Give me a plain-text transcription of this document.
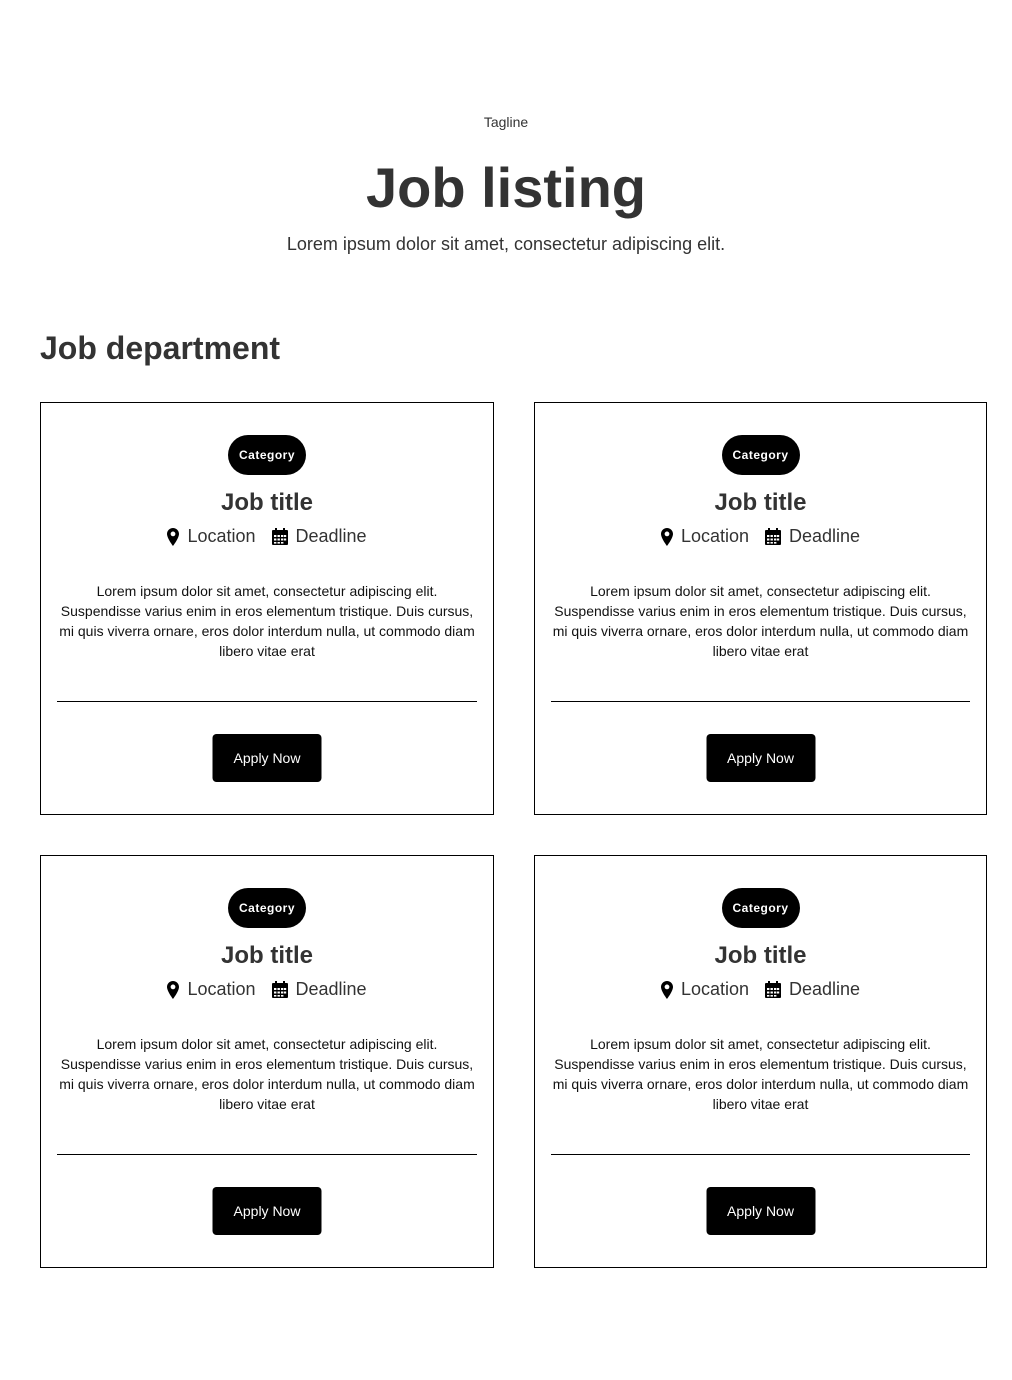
Tagline
Job listing

Lorem ipsum dolor sit amet, consectetur adipiscing elit.

Job department
Category
Job title
Location Deadline

Lorem ipsum dolor sit amet, consectetur adipiscing elit. Suspendisse varius enim in eros elementum tristique. Duis cursus, mi quis viverra ornare, eros dolor interdum nulla, ut commodo diam libero vitae erat

Apply Now
Category
Job title
Location Deadline

Lorem ipsum dolor sit amet, consectetur adipiscing elit. Suspendisse varius enim in eros elementum tristique. Duis cursus, mi quis viverra ornare, eros dolor interdum nulla, ut commodo diam libero vitae erat

Apply Now
Category
Job title
Location Deadline

Lorem ipsum dolor sit amet, consectetur adipiscing elit. Suspendisse varius enim in eros elementum tristique. Duis cursus, mi quis viverra ornare, eros dolor interdum nulla, ut commodo diam libero vitae erat

Apply Now
Category
Job title
Location Deadline

Lorem ipsum dolor sit amet, consectetur adipiscing elit. Suspendisse varius enim in eros elementum tristique. Duis cursus, mi quis viverra ornare, eros dolor interdum nulla, ut commodo diam libero vitae erat

Apply Now
